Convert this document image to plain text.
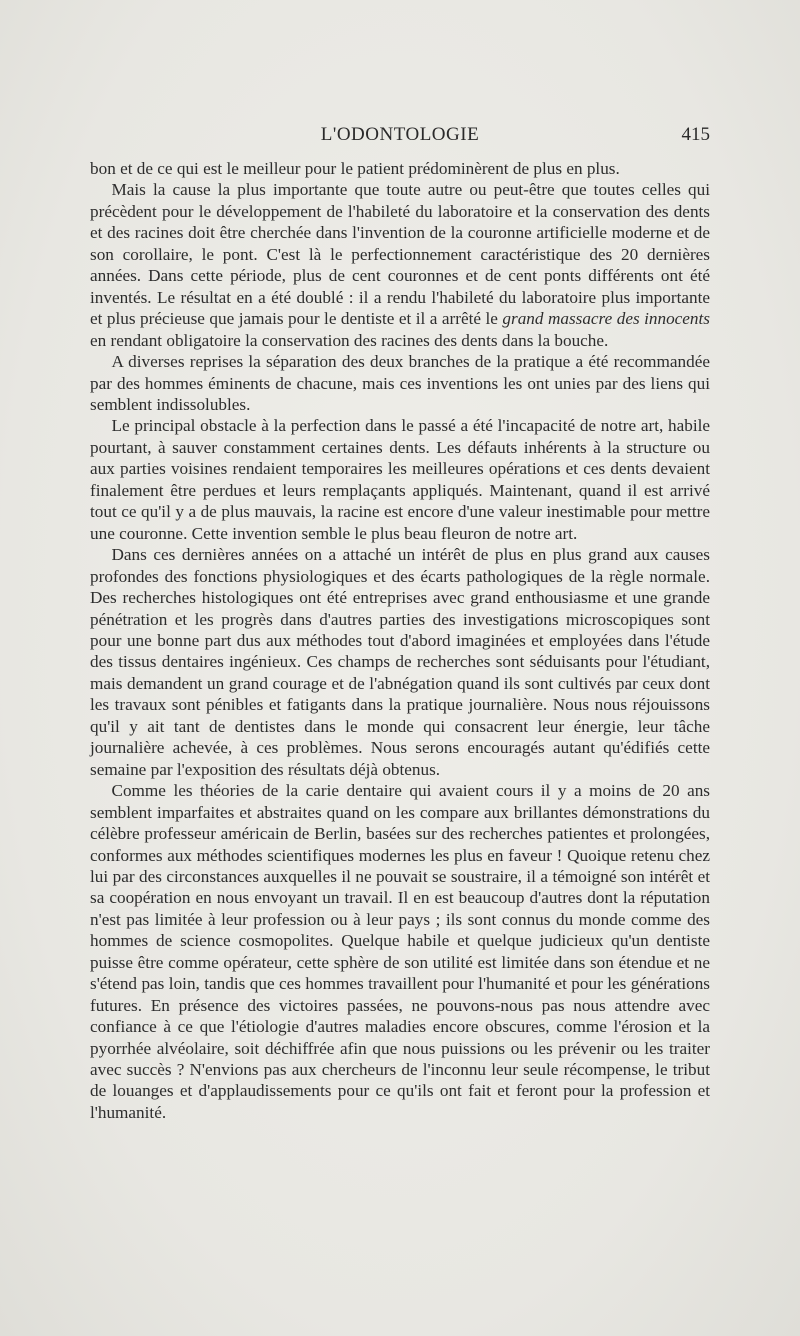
L'ODONTOLOGIE	415

bon et de ce qui est le meilleur pour le patient prédominèrent de plus en plus.

Mais la cause la plus importante que toute autre ou peut-être que toutes celles qui précèdent pour le développement de l'habileté du laboratoire et la conservation des dents et des racines doit être cherchée dans l'invention de la couronne artificielle moderne et de son corollaire, le pont. C'est là le perfectionnement caractéristique des 20 dernières années. Dans cette période, plus de cent couronnes et de cent ponts différents ont été inventés. Le résultat en a été doublé : il a rendu l'habileté du laboratoire plus importante et plus précieuse que jamais pour le dentiste et il a arrêté le grand massacre des innocents en rendant obligatoire la conservation des racines des dents dans la bouche.

A diverses reprises la séparation des deux branches de la pratique a été recommandée par des hommes éminents de chacune, mais ces inventions les ont unies par des liens qui semblent indissolubles.

Le principal obstacle à la perfection dans le passé a été l'incapacité de notre art, habile pourtant, à sauver constamment certaines dents. Les défauts inhérents à la structure ou aux parties voisines rendaient temporaires les meilleures opérations et ces dents devaient finalement être perdues et leurs remplaçants appliqués. Maintenant, quand il est arrivé tout ce qu'il y a de plus mauvais, la racine est encore d'une valeur inestimable pour mettre une couronne. Cette invention semble le plus beau fleuron de notre art.

Dans ces dernières années on a attaché un intérêt de plus en plus grand aux causes profondes des fonctions physiologiques et des écarts pathologiques de la règle normale. Des recherches histologiques ont été entreprises avec grand enthousiasme et une grande pénétration et les progrès dans d'autres parties des investigations microscopiques sont pour une bonne part dus aux méthodes tout d'abord imaginées et employées dans l'étude des tissus dentaires ingénieux. Ces champs de recherches sont séduisants pour l'étudiant, mais demandent un grand courage et de l'abnégation quand ils sont cultivés par ceux dont les travaux sont pénibles et fatigants dans la pratique journalière. Nous nous réjouissons qu'il y ait tant de dentistes dans le monde qui consacrent leur énergie, leur tâche journalière achevée, à ces problèmes. Nous serons encouragés autant qu'édifiés cette semaine par l'exposition des résultats déjà obtenus.

Comme les théories de la carie dentaire qui avaient cours il y a moins de 20 ans semblent imparfaites et abstraites quand on les compare aux brillantes démonstrations du célèbre professeur américain de Berlin, basées sur des recherches patientes et prolongées, conformes aux méthodes scientifiques modernes les plus en faveur ! Quoique retenu chez lui par des circonstances auxquelles il ne pouvait se soustraire, il a témoigné son intérêt et sa coopération en nous envoyant un travail. Il en est beaucoup d'autres dont la réputation n'est pas limitée à leur profession ou à leur pays ; ils sont connus du monde comme des hommes de science cosmopolites. Quelque habile et quelque judicieux qu'un dentiste puisse être comme opérateur, cette sphère de son utilité est limitée dans son étendue et ne s'étend pas loin, tandis que ces hommes travaillent pour l'humanité et pour les générations futures. En présence des victoires passées, ne pouvons-nous pas nous attendre avec confiance à ce que l'étiologie d'autres maladies encore obscures, comme l'érosion et la pyorrhée alvéolaire, soit déchiffrée afin que nous puissions ou les prévenir ou les traiter avec succès ? N'envions pas aux chercheurs de l'inconnu leur seule récompense, le tribut de louanges et d'applaudissements pour ce qu'ils ont fait et feront pour la profession et l'humanité.
